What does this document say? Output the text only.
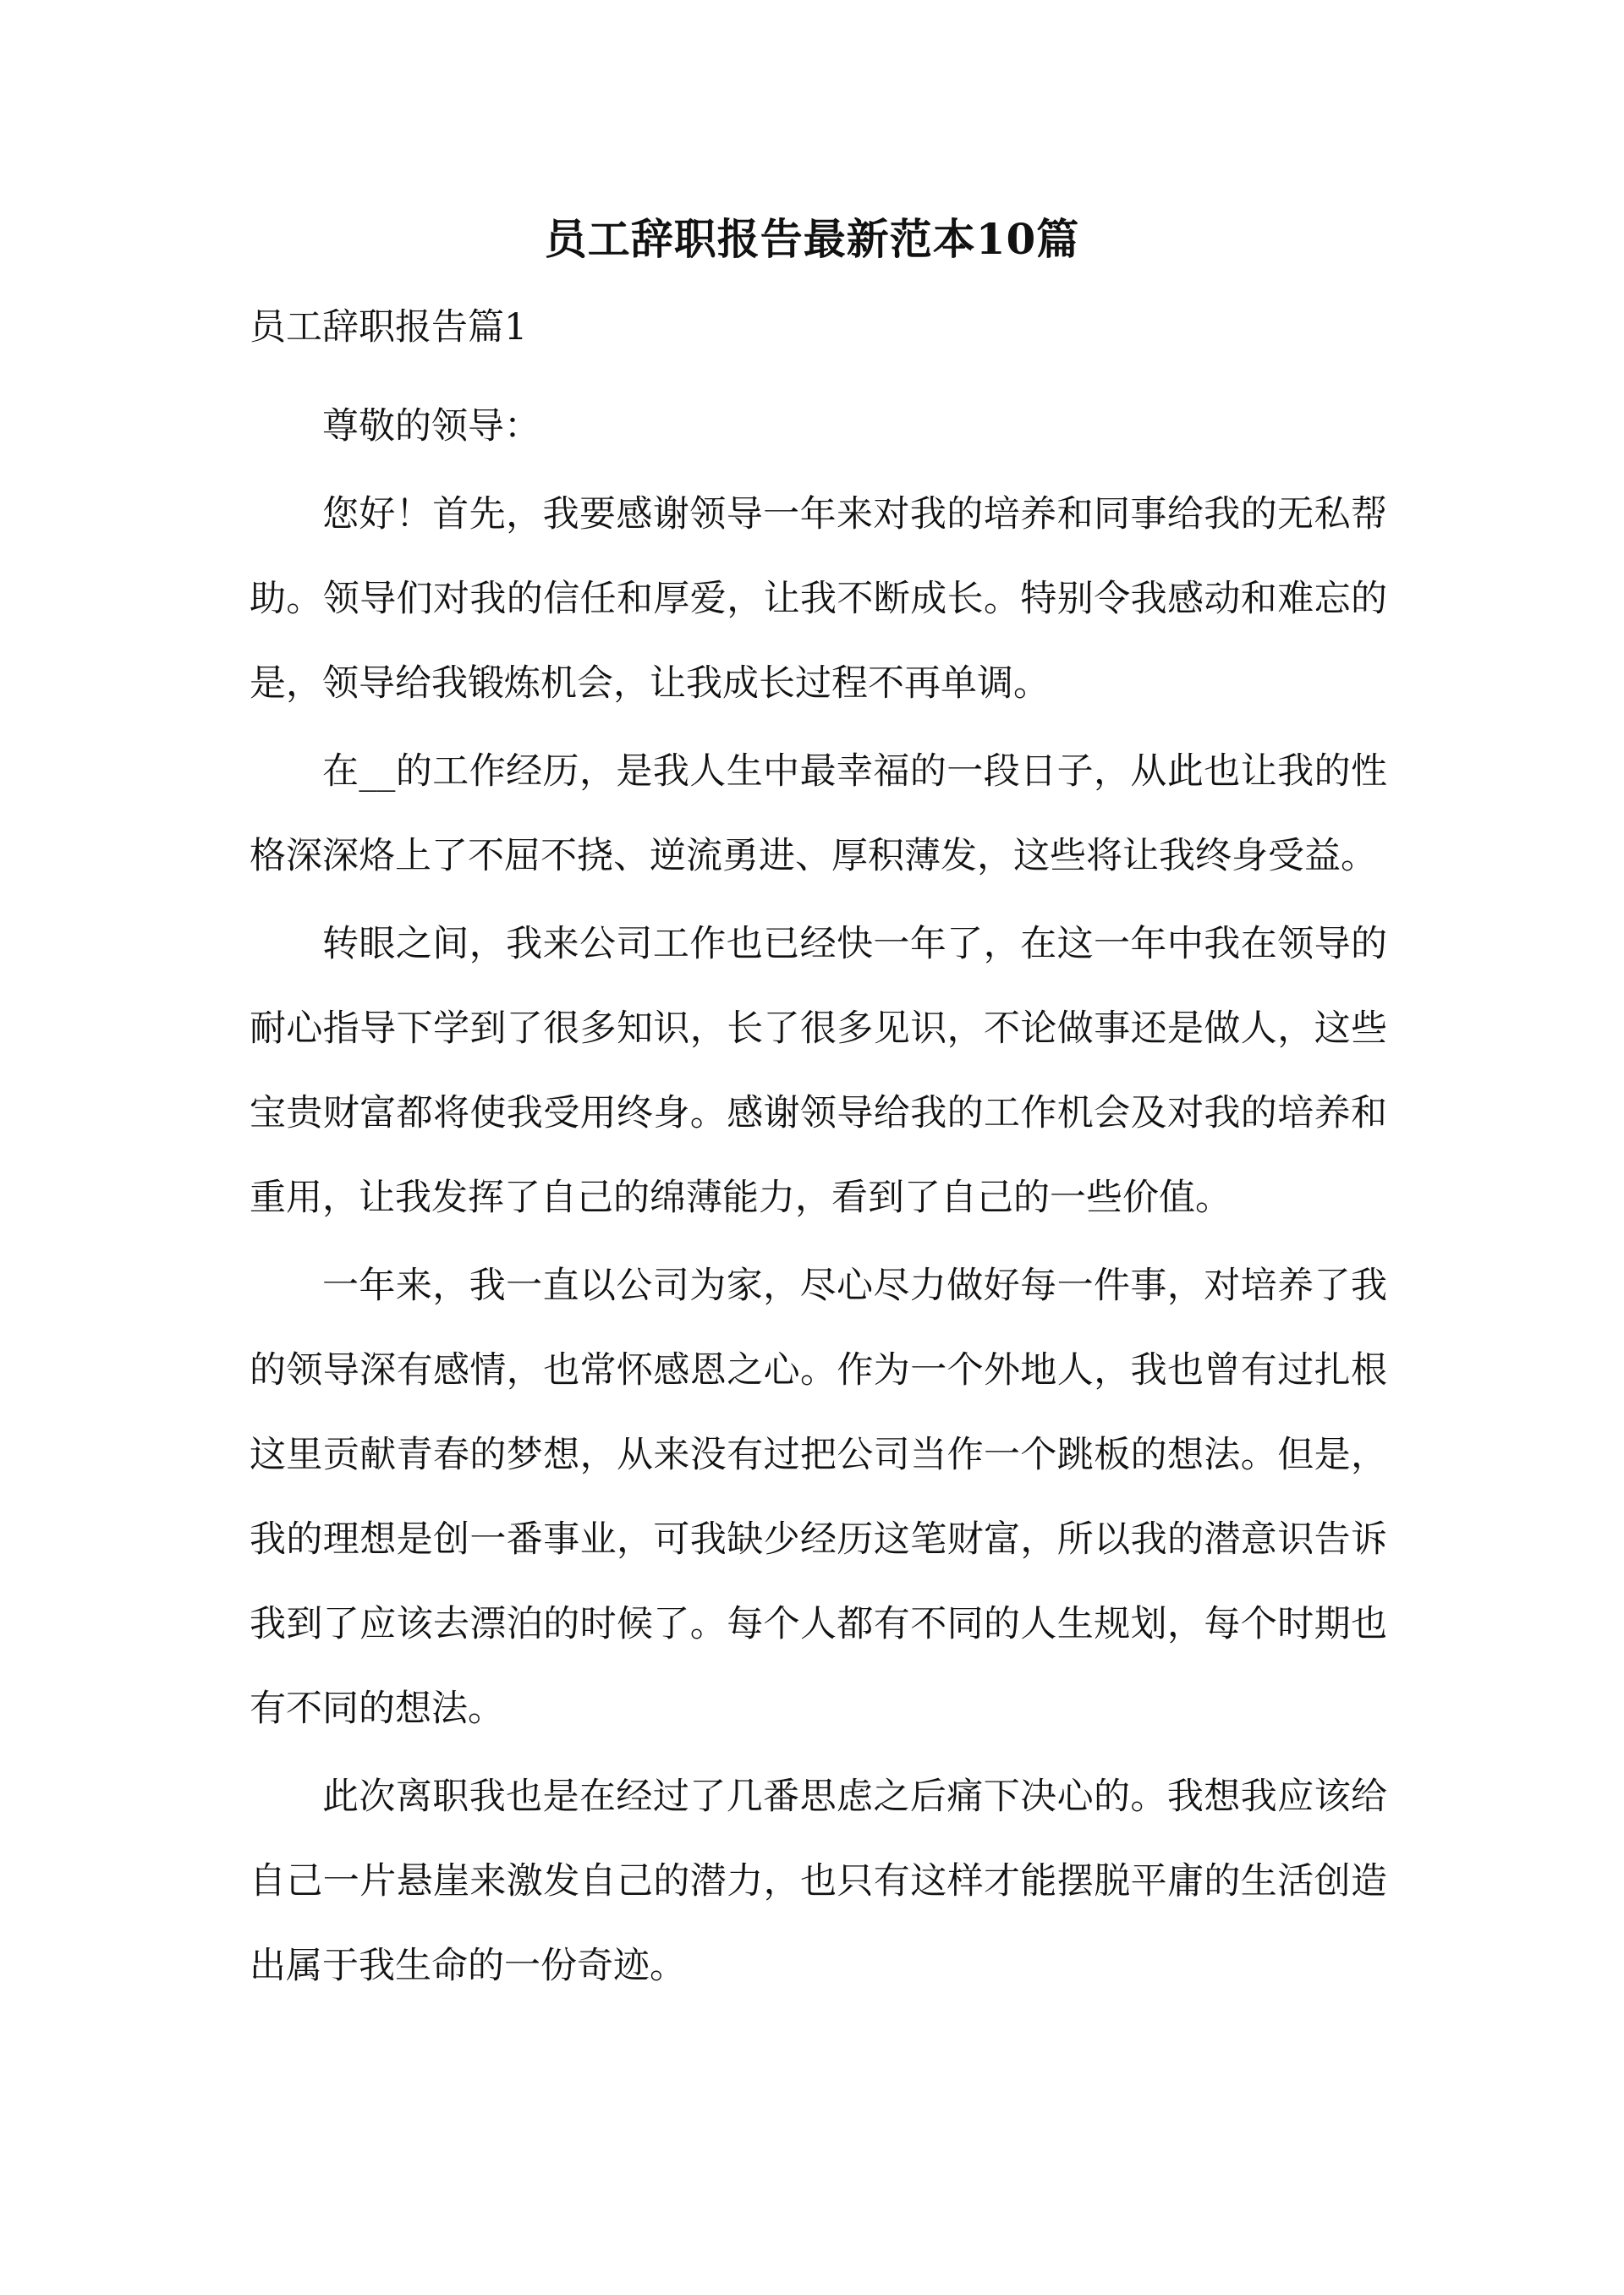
员工辞职报告最新范本10篇

员工辞职报告篇1

尊敬的领导：

您好！首先，我要感谢领导一年来对我的培养和同事给我的无私帮助。领导们对我的信任和厚爱，让我不断成长。特别令我感动和难忘的是，领导给我锻炼机会，让我成长过程不再单调。

在__的工作经历，是我人生中最幸福的一段日子，从此也让我的性格深深烙上了不屈不挠、逆流勇进、厚积薄发，这些将让我终身受益。

转眼之间，我来公司工作也已经快一年了，在这一年中我在领导的耐心指导下学到了很多知识，长了很多见识，不论做事还是做人，这些宝贵财富都将使我受用终身。感谢领导给我的工作机会及对我的培养和重用，让我发挥了自己的绵薄能力，看到了自己的一些价值。

一年来，我一直以公司为家，尽心尽力做好每一件事，对培养了我的领导深有感情，也常怀感恩之心。作为一个外地人，我也曾有过扎根这里贡献青春的梦想，从来没有过把公司当作一个跳板的想法。但是，我的理想是创一番事业，可我缺少经历这笔财富，所以我的潜意识告诉我到了应该去漂泊的时候了。每个人都有不同的人生规划，每个时期也有不同的想法。

此次离职我也是在经过了几番思虑之后痛下决心的。我想我应该给自己一片悬崖来激发自己的潜力，也只有这样才能摆脱平庸的生活创造出属于我生命的一份奇迹。
